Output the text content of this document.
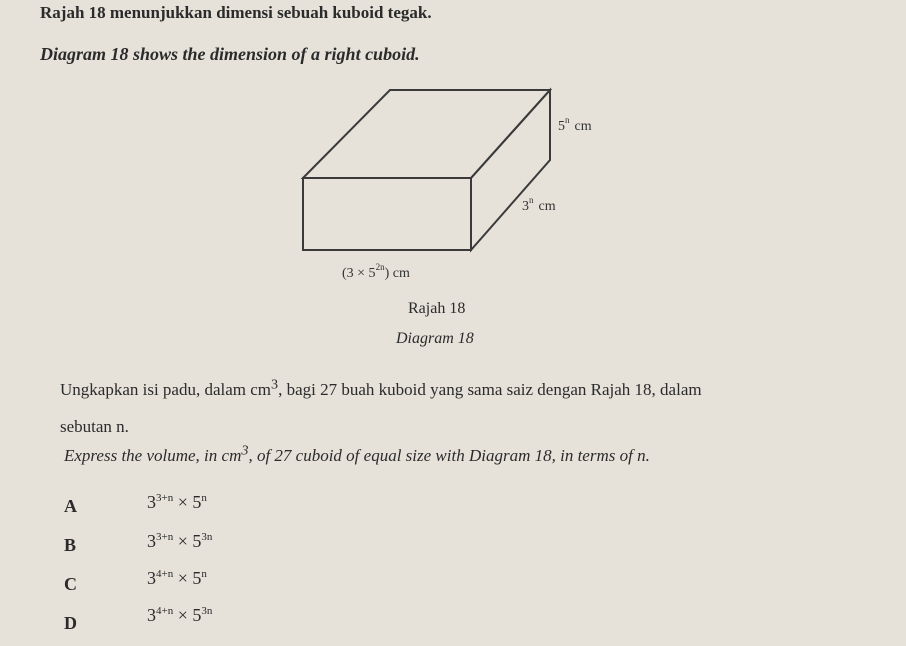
Rajah 18 menunjukkan dimensi sebuah kuboid tegak.
Diagram 18 shows the dimension of a right cuboid.
5$^n$ cm
3$^n$ cm
$(3 \times 5^{2n})$ cm
Rajah 18
Diagram 18
Ungkapkan isi padu, dalam $cm^3$, bagi 27 buah kuboid yang sama saiz dengan Rajah 18, dalam
sebutan n.
Express the volume, in $cm^3$, of 27 cuboid of equal size with Diagram 18, in terms of n.
A	$3^{3+n} \times 5^n$
B	$3^{3+n} \times 5^{3n}$
C	$3^{4+n} \times 5^n$
D	$3^{4+n} \times 5^{3n}$
